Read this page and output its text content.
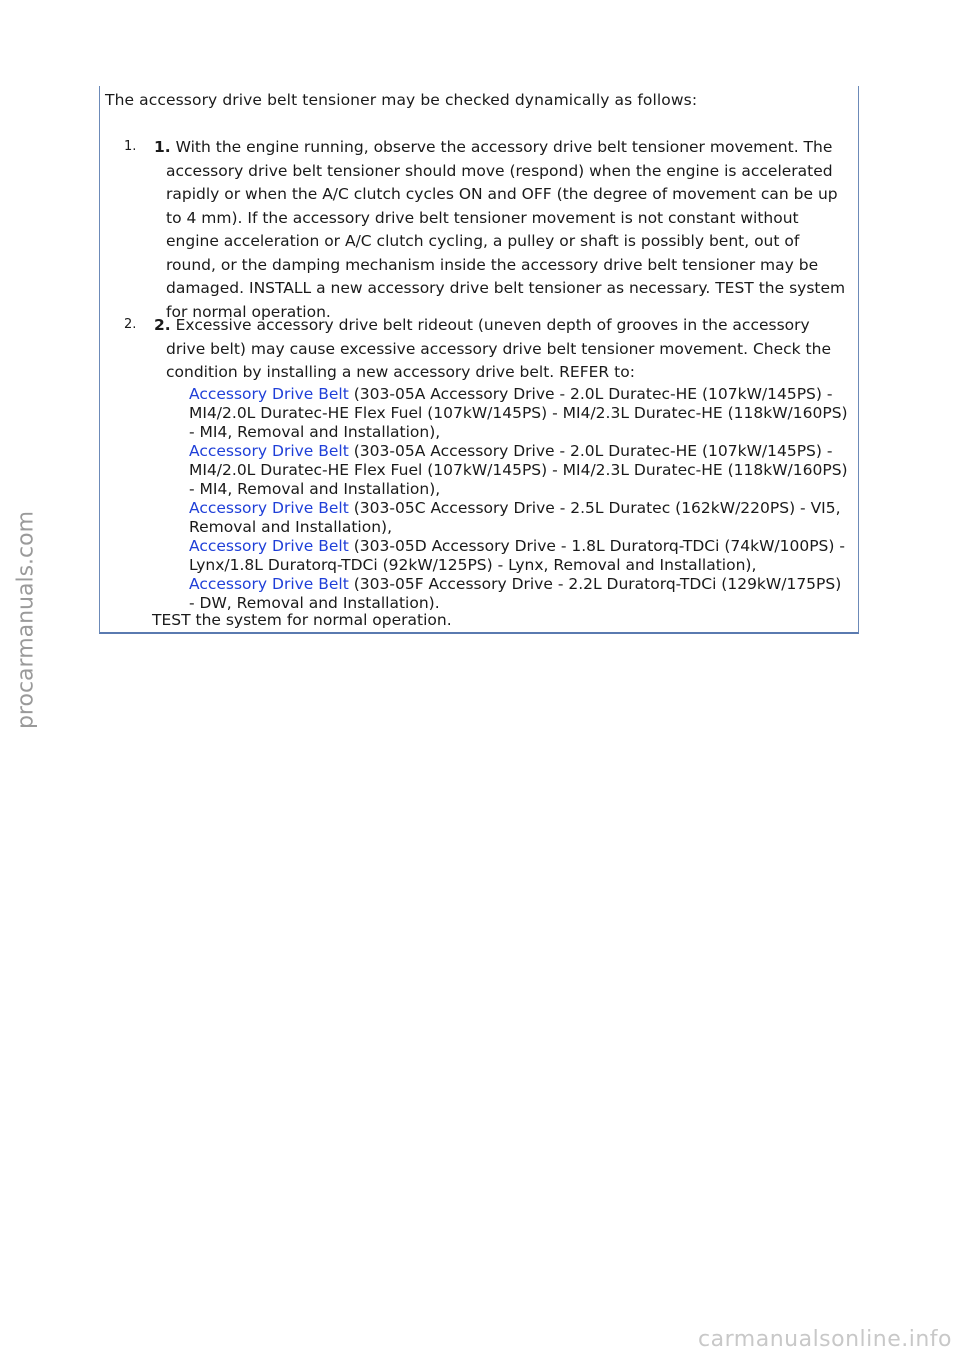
The accessory drive belt tensioner may be checked dynamically as follows:
1. 1. With the engine running, observe the accessory drive belt tensioner movement. The accessory drive belt tensioner should move (respond) when the engine is accelerated rapidly or when the A/C clutch cycles ON and OFF (the degree of movement can be up to 4 mm). If the accessory drive belt tensioner movement is not constant without engine acceleration or A/C clutch cycling, a pulley or shaft is possibly bent, out of round, or the damping mechanism inside the accessory drive belt tensioner may be damaged. INSTALL a new accessory drive belt tensioner as necessary. TEST the system for normal operation.
2. 2. Excessive accessory drive belt rideout (uneven depth of grooves in the accessory drive belt) may cause excessive accessory drive belt tensioner movement. Check the condition by installing a new accessory drive belt. REFER to:
Accessory Drive Belt (303-05A Accessory Drive - 2.0L Duratec-HE (107kW/145PS) - MI4/2.0L Duratec-HE Flex Fuel (107kW/145PS) - MI4/2.3L Duratec-HE (118kW/160PS) - MI4, Removal and Installation),
Accessory Drive Belt (303-05A Accessory Drive - 2.0L Duratec-HE (107kW/145PS) - MI4/2.0L Duratec-HE Flex Fuel (107kW/145PS) - MI4/2.3L Duratec-HE (118kW/160PS) - MI4, Removal and Installation),
Accessory Drive Belt (303-05C Accessory Drive - 2.5L Duratec (162kW/220PS) - VI5, Removal and Installation),
Accessory Drive Belt (303-05D Accessory Drive - 1.8L Duratorq-TDCi (74kW/100PS) - Lynx/1.8L Duratorq-TDCi (92kW/125PS) - Lynx, Removal and Installation),
Accessory Drive Belt (303-05F Accessory Drive - 2.2L Duratorq-TDCi (129kW/175PS) - DW, Removal and Installation).
TEST the system for normal operation.
procarmanuals.com
carmanualsonline.info
